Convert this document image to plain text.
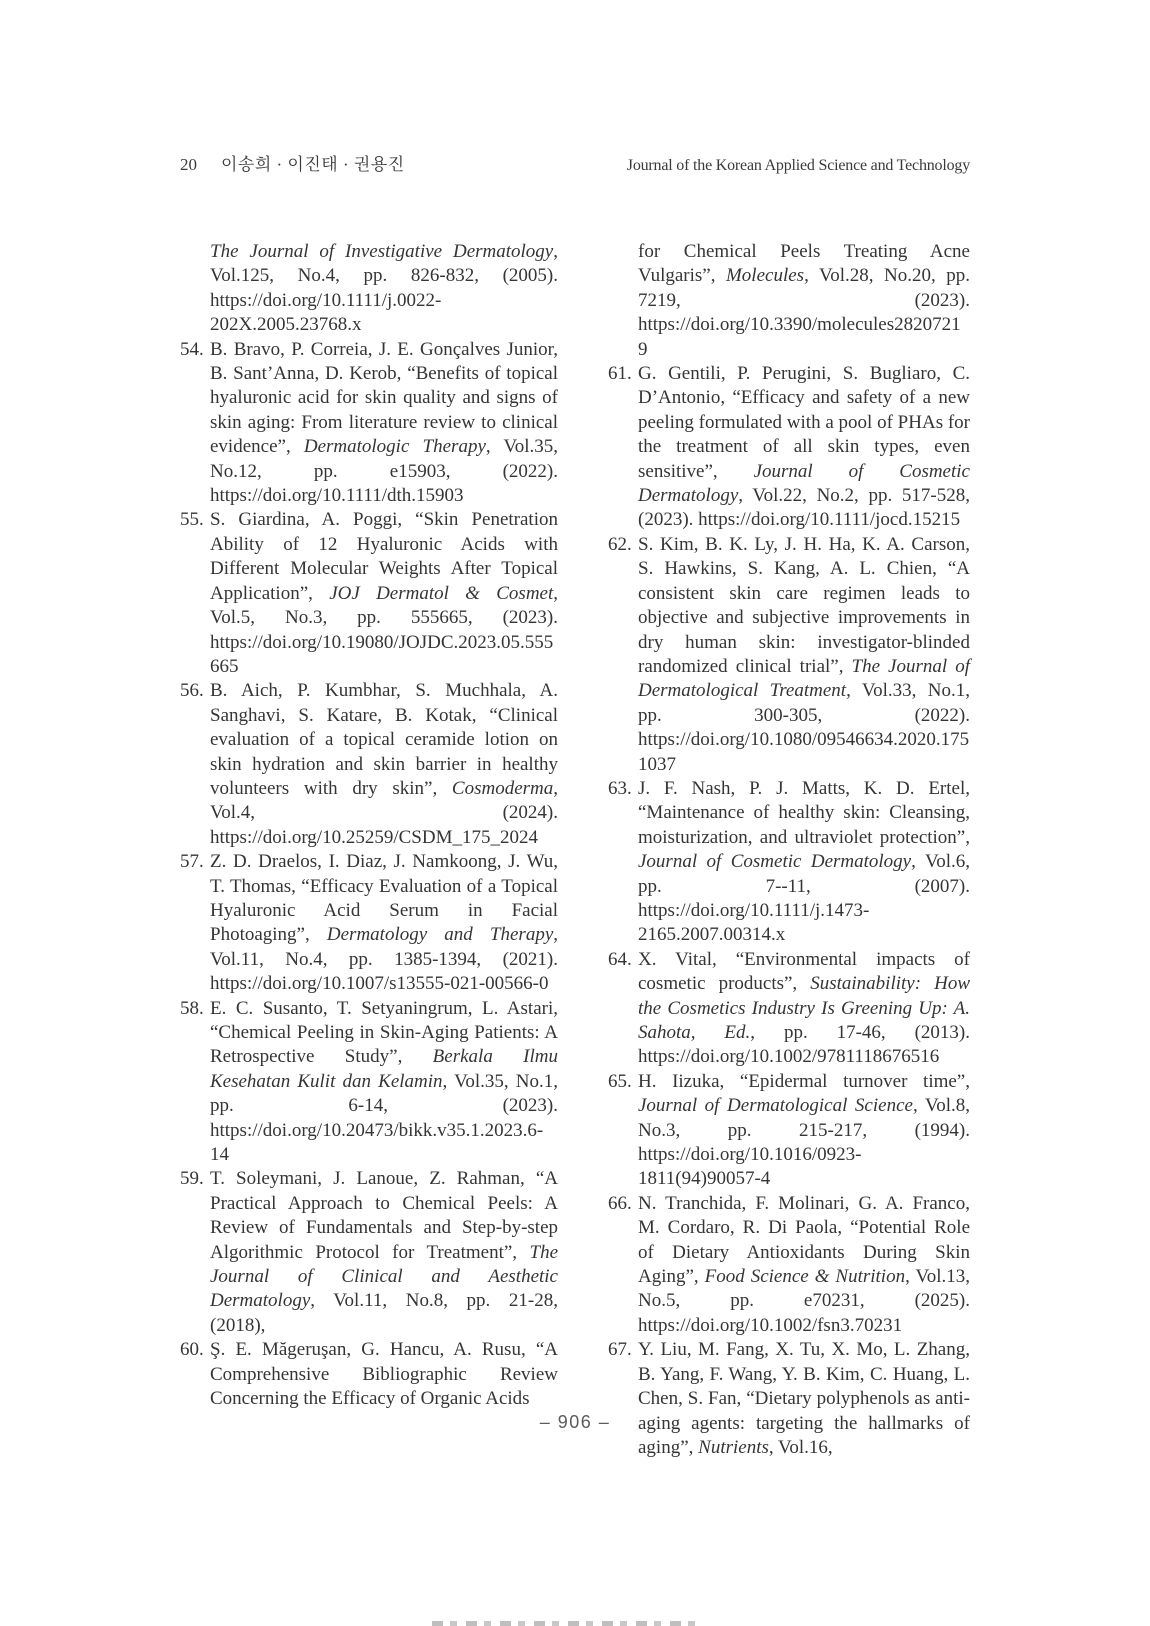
20 이송희 · 이진태 · 권용진	Journal of the Korean Applied Science and Technology
The Journal of Investigative Dermatology, Vol.125, No.4, pp. 826-832, (2005). https://doi.org/10.1111/j.0022-202X.2005.23768.x
54. B. Bravo, P. Correia, J. E. Gonçalves Junior, B. Sant’Anna, D. Kerob, “Benefits of topical hyaluronic acid for skin quality and signs of skin aging: From literature review to clinical evidence”, Dermatologic Therapy, Vol.35, No.12, pp. e15903, (2022). https://doi.org/10.1111/dth.15903
55. S. Giardina, A. Poggi, “Skin Penetration Ability of 12 Hyaluronic Acids with Different Molecular Weights After Topical Application”, JOJ Dermatol & Cosmet, Vol.5, No.3, pp. 555665, (2023). https://doi.org/10.19080/JOJDC.2023.05.555665
56. B. Aich, P. Kumbhar, S. Muchhala, A. Sanghavi, S. Katare, B. Kotak, “Clinical evaluation of a topical ceramide lotion on skin hydration and skin barrier in healthy volunteers with dry skin”, Cosmoderma, Vol.4, (2024). https://doi.org/10.25259/CSDM_175_2024
57. Z. D. Draelos, I. Diaz, J. Namkoong, J. Wu, T. Thomas, “Efficacy Evaluation of a Topical Hyaluronic Acid Serum in Facial Photoaging”, Dermatology and Therapy, Vol.11, No.4, pp. 1385-1394, (2021). https://doi.org/10.1007/s13555-021-00566-0
58. E. C. Susanto, T. Setyaningrum, L. Astari, “Chemical Peeling in Skin-Aging Patients: A Retrospective Study”, Berkala Ilmu Kesehatan Kulit dan Kelamin, Vol.35, No.1, pp. 6-14, (2023). https://doi.org/10.20473/bikk.v35.1.2023.6-14
59. T. Soleymani, J. Lanoue, Z. Rahman, “A Practical Approach to Chemical Peels: A Review of Fundamentals and Step-by-step Algorithmic Protocol for Treatment”, The Journal of Clinical and Aesthetic Dermatology, Vol.11, No.8, pp. 21-28, (2018),
60. Ş. E. Măgeruşan, G. Hancu, A. Rusu, “A Comprehensive Bibliographic Review Concerning the Efficacy of Organic Acids
for Chemical Peels Treating Acne Vulgaris”, Molecules, Vol.28, No.20, pp. 7219, (2023). https://doi.org/10.3390/molecules28207219
61. G. Gentili, P. Perugini, S. Bugliaro, C. D’Antonio, “Efficacy and safety of a new peeling formulated with a pool of PHAs for the treatment of all skin types, even sensitive”, Journal of Cosmetic Dermatology, Vol.22, No.2, pp. 517-528, (2023). https://doi.org/10.1111/jocd.15215
62. S. Kim, B. K. Ly, J. H. Ha, K. A. Carson, S. Hawkins, S. Kang, A. L. Chien, “A consistent skin care regimen leads to objective and subjective improvements in dry human skin: investigator-blinded randomized clinical trial”, The Journal of Dermatological Treatment, Vol.33, No.1, pp. 300-305, (2022). https://doi.org/10.1080/09546634.2020.1751037
63. J. F. Nash, P. J. Matts, K. D. Ertel, “Maintenance of healthy skin: Cleansing, moisturization, and ultraviolet protection”, Journal of Cosmetic Dermatology, Vol.6, pp. 7--11, (2007). https://doi.org/10.1111/j.1473-2165.2007.00314.x
64. X. Vital, “Environmental impacts of cosmetic products”, Sustainability: How the Cosmetics Industry Is Greening Up: A. Sahota, Ed., pp. 17-46, (2013). https://doi.org/10.1002/9781118676516
65. H. Iizuka, “Epidermal turnover time”, Journal of Dermatological Science, Vol.8, No.3, pp. 215-217, (1994). https://doi.org/10.1016/0923-1811(94)90057-4
66. N. Tranchida, F. Molinari, G. A. Franco, M. Cordaro, R. Di Paola, “Potential Role of Dietary Antioxidants During Skin Aging”, Food Science & Nutrition, Vol.13, No.5, pp. e70231, (2025). https://doi.org/10.1002/fsn3.70231
67. Y. Liu, M. Fang, X. Tu, X. Mo, L. Zhang, B. Yang, F. Wang, Y. B. Kim, C. Huang, L. Chen, S. Fan, “Dietary polyphenols as anti-aging agents: targeting the hallmarks of aging”, Nutrients, Vol.16,
– 906 –
